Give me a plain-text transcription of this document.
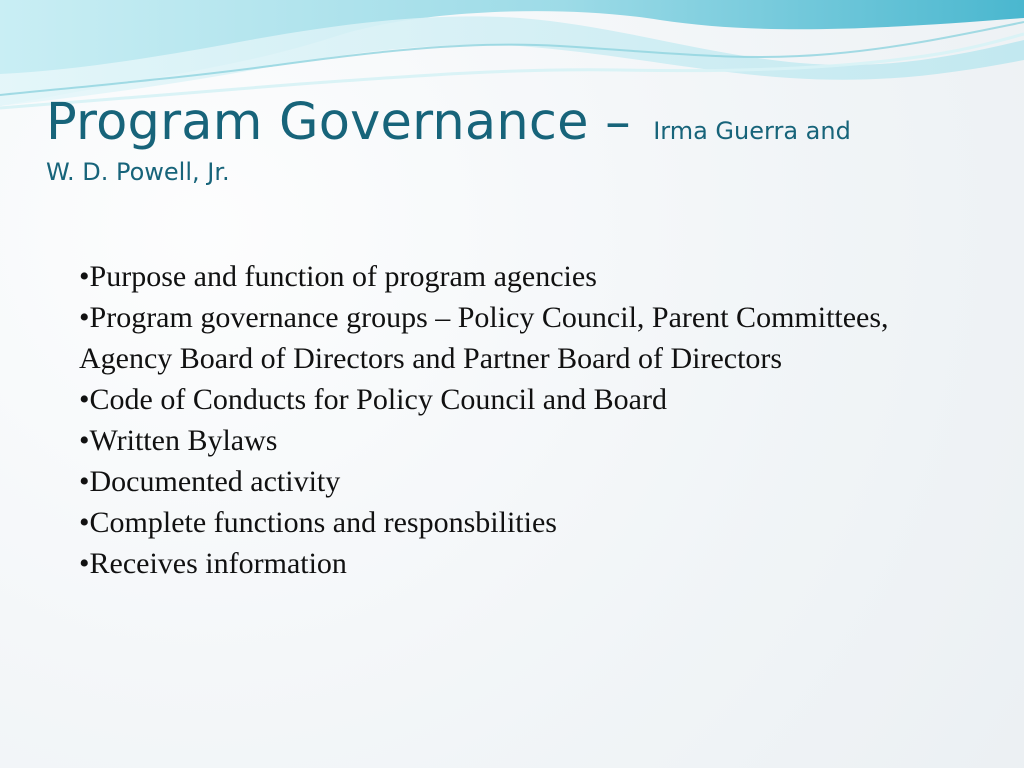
Program Governance – Irma Guerra and
W. D. Powell, Jr.
•Purpose and function of program agencies
•Program governance groups – Policy Council, Parent Committees, Agency Board of Directors and Partner Board of Directors
•Code of Conducts for Policy Council and Board
•Written Bylaws
•Documented activity
•Complete functions and responsbilities
•Receives information
